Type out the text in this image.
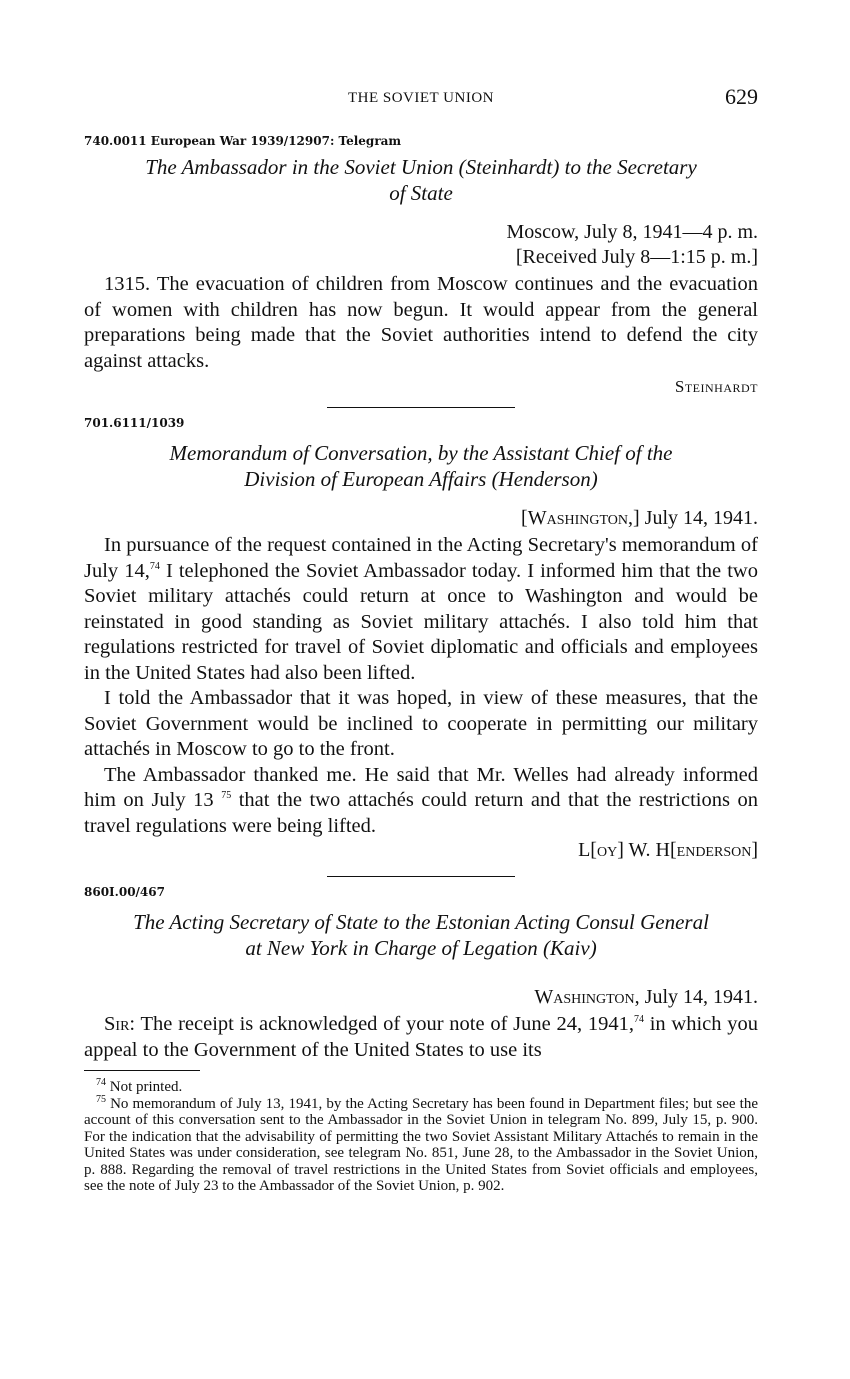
THE SOVIET UNION	629
740.0011 European War 1939/12907: Telegram
The Ambassador in the Soviet Union (Steinhardt) to the Secretary
of State
Moscow, July 8, 1941—4 p. m.
[Received July 8—1:15 p. m.]

1315. The evacuation of children from Moscow continues and the evacuation of women with children has now begun. It would appear from the general preparations being made that the Soviet authorities intend to defend the city against attacks.

Steinhardt
701.6111/1039
Memorandum of Conversation, by the Assistant Chief of the
Division of European Affairs (Henderson)
[Washington,] July 14, 1941.

In pursuance of the request contained in the Acting Secretary's memorandum of July 14,74 I telephoned the Soviet Ambassador today. I informed him that the two Soviet military attachés could return at once to Washington and would be reinstated in good standing as Soviet military attachés. I also told him that regulations restricted for travel of Soviet diplomatic and officials and employees in the United States had also been lifted.

I told the Ambassador that it was hoped, in view of these measures, that the Soviet Government would be inclined to cooperate in permitting our military attachés in Moscow to go to the front.

The Ambassador thanked me. He said that Mr. Welles had already informed him on July 13 $^{75}$ that the two attachés could return and that the restrictions on travel regulations were being lifted.

L[oy] W. H[enderson]
860I.00/467
The Acting Secretary of State to the Estonian Acting Consul General
at New York in Charge of Legation (Kaiv)
Washington, July 14, 1941.

Sir: The receipt is acknowledged of your note of June 24, 1941,74 in which you appeal to the Government of the United States to use its

$^{74}$ Not printed.
$^{75}$ No memorandum of July 13, 1941, by the Acting Secretary has been found in Department files; but see the account of this conversation sent to the Ambassador in the Soviet Union in telegram No. 899, July 15, p. 900. For the indication that the advisability of permitting the two Soviet Assistant Military Attachés to remain in the United States was under consideration, see telegram No. 851, June 28, to the Ambassador in the Soviet Union, p. 888. Regarding the removal of travel restrictions in the United States from Soviet officials and employees, see the note of July 23 to the Ambassador of the Soviet Union, p. 902.
